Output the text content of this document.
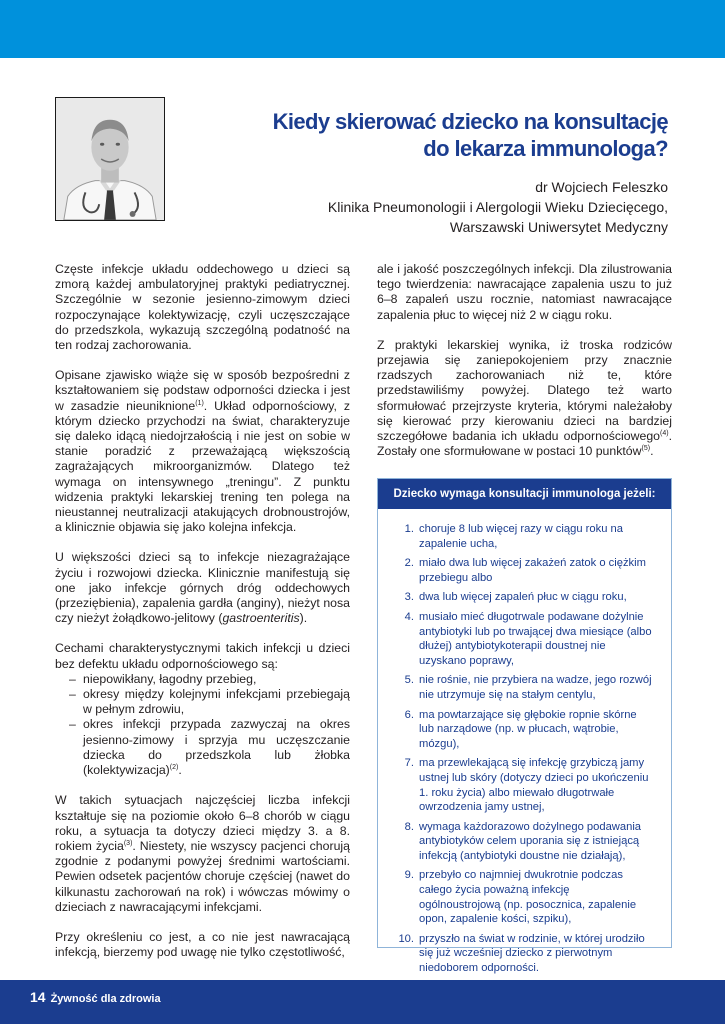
Kiedy skierować dziecko na konsultację
do lekarza immunologa?
dr Wojciech Feleszko
Klinika Pneumonologii i Alergologii Wieku Dziecięcego,
Warszawski Uniwersytet Medyczny

Częste infekcje układu oddechowego u dzieci są zmorą każdej ambulatoryjnej praktyki pediatrycznej. Szczególnie w sezonie jesienno-zimowym dzieci rozpoczynające kolektywizację, czyli uczęszczające do przedszkola, wykazują szczególną podatność na ten rodzaj zachorowania.

Opisane zjawisko wiąże się w sposób bezpośredni z kształtowaniem się podstaw odporności dziecka i jest w zasadzie nieuniknione$^{(1)}$. Układ odpornościowy, z którym dziecko przychodzi na świat, charakteryzuje się daleko idącą niedojrzałością i nie jest on sobie w stanie poradzić z przeważającą większością zagrażających mikroorganizmów. Dlatego też wymaga on intensywnego „treningu”. Z punktu widzenia praktyki lekarskiej trening ten polega na nieustannej neutralizacji atakujących drobnoustrojów, a klinicznie objawia się jako kolejna infekcja.

U większości dzieci są to infekcje niezagrażające życiu i rozwojowi dziecka. Klinicznie manifestują się one jako infekcje górnych dróg oddechowych (przeziębienia), zapalenia gardła (anginy), nieżyt nosa czy nieżyt żołądkowo-jelitowy (gastroenteritis).

Cechami charakterystycznymi takich infekcji u dzieci bez defektu układu odpornościowego są:

– niepowikłany, łagodny przebieg,
– okresy między kolejnymi infekcjami przebiegają w pełnym zdrowiu,
– okres infekcji przypada zazwyczaj na okres jesienno-zimowy i sprzyja mu uczęszczanie dziecka do przedszkola lub żłobka (kolektywizacja)$^{(2)}$.

W takich sytuacjach najczęściej liczba infekcji kształtuje się na poziomie około 6–8 chorób w ciągu roku, a sytuacja ta dotyczy dzieci między 3. a 8. rokiem życia$^{(3)}$. Niestety, nie wszyscy pacjenci chorują zgodnie z podanymi powyżej średnimi wartościami. Pewien odsetek pacjentów choruje częściej (nawet do kilkunastu zachorowań na rok) i wówczas mówimy o dzieciach z nawracającymi infekcjami.

Przy określeniu co jest, a co nie jest nawracającą infekcją, bierzemy pod uwagę nie tylko częstotliwość,

ale i jakość poszczególnych infekcji. Dla zilustrowania tego twierdzenia: nawracające zapalenia uszu to już 6–8 zapaleń uszu rocznie, natomiast nawracające zapalenia płuc to więcej niż 2 w ciągu roku.

Z praktyki lekarskiej wynika, iż troska rodziców przejawia się zaniepokojeniem przy znacznie rzadszych zachorowaniach niż te, które przedstawiliśmy powyżej. Dlatego też warto sformułować przejrzyste kryteria, którymi należałoby się kierować przy kierowaniu dzieci na bardziej szczegółowe badania ich układu odpornościowego$^{(4)}$. Zostały one sformułowane w postaci 10 punktów$^{(5)}$.

Dziecko wymaga konsultacji immunologa jeżeli:
1. choruje 8 lub więcej razy w ciągu roku na zapalenie ucha,
2. miało dwa lub więcej zakażeń zatok o ciężkim przebiegu albo
3. dwa lub więcej zapaleń płuc w ciągu roku,
4. musiało mieć długotrwale podawane dożylnie antybiotyki lub po trwającej dwa miesiące (albo dłużej) antybiotykoterapii doustnej nie uzyskano poprawy,
5. nie rośnie, nie przybiera na wadze, jego rozwój nie utrzymuje się na stałym centylu,
6. ma powtarzające się głębokie ropnie skórne lub narządowe (np. w płucach, wątrobie, mózgu),
7. ma przewlekającą się infekcję grzybiczą jamy ustnej lub skóry (dotyczy dzieci po ukończeniu 1. roku życia) albo miewało długotrwałe owrzodzenia jamy ustnej,
8. wymaga każdorazowo dożylnego podawania antybiotyków celem uporania się z istniejącą infekcją (antybiotyki doustne nie działają),
9. przebyło co najmniej dwukrotnie podczas całego życia poważną infekcję ogólnoustrojową (np. posocznica, zapalenie opon, zapalenie kości, szpiku),
10. przyszło na świat w rodzinie, w której urodziło się już wcześniej dziecko z pierwotnym niedoborem odporności.
14 Żywność dla zdrowia
